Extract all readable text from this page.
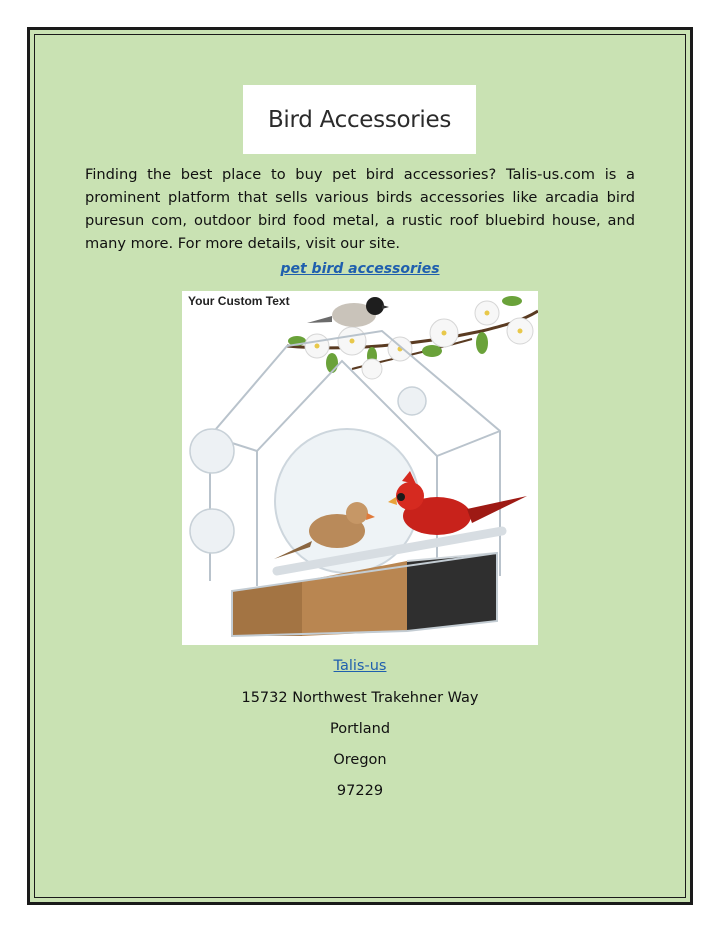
Bird Accessories
Finding the best place to buy pet bird accessories? Talis-us.com is a prominent platform that sells various birds accessories like arcadia bird puresun com, outdoor bird food metal, a rustic roof bluebird house, and many more. For more details, visit our site.
pet bird accessories
Your Custom Text
Talis-us
15732 Northwest Trakehner Way
Portland
Oregon
97229
